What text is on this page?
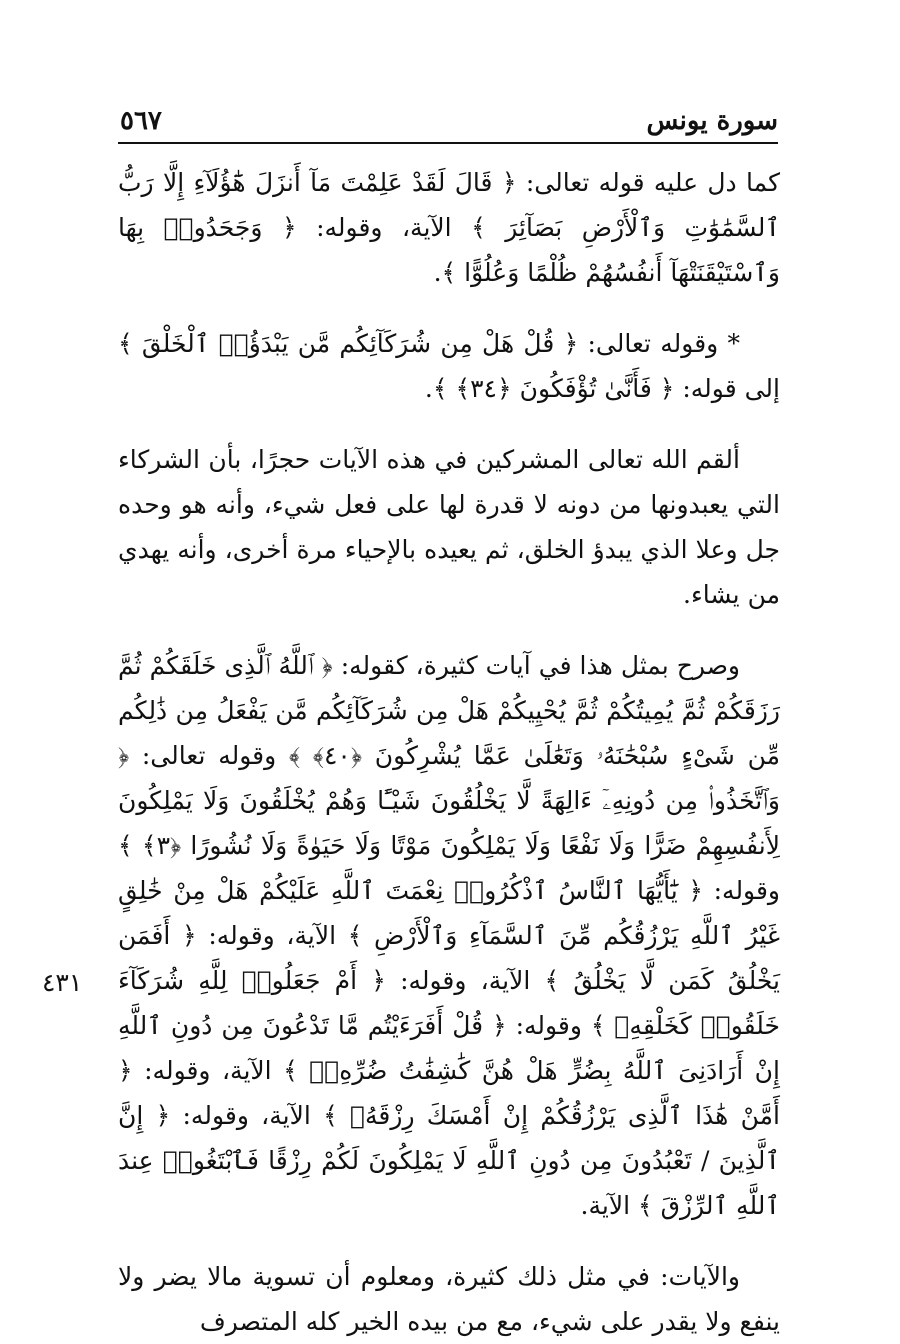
٥٦٧	سورة يونس
٤٣١

كما دل عليه قوله تعالى: ﴿ قَالَ لَقَدْ عَلِمْتَ مَآ أَنزَلَ هَٰٓؤُلَآءِ إِلَّا رَبُّ ٱلسَّمَٰوَٰتِ وَٱلْأَرْضِ بَصَآئِرَ ﴾ الآية، وقوله: ﴿ وَجَحَدُوا۟ بِهَا وَٱسْتَيْقَنَتْهَآ أَنفُسُهُمْ ظُلْمًا وَعُلُوًّا ﴾.

* وقوله تعالى: ﴿ قُلْ هَلْ مِن شُرَكَآئِكُم مَّن يَبْدَؤُا۟ ٱلْخَلْقَ ﴾ إلى قوله: ﴿ فَأَنَّىٰ تُؤْفَكُونَ ﴿٣٤﴾ ﴾.

ألقم الله تعالى المشركين في هذه الآيات حجرًا، بأن الشركاء التي يعبدونها من دونه لا قدرة لها على فعل شيء، وأنه هو وحده جل وعلا الذي يبدؤ الخلق، ثم يعيده بالإحياء مرة أخرى، وأنه يهدي من يشاء.

وصرح بمثل هذا في آيات كثيرة، كقوله: ﴿ ٱللَّهُ ٱلَّذِى خَلَقَكُمْ ثُمَّ رَزَقَكُمْ ثُمَّ يُمِيتُكُمْ ثُمَّ يُحْيِيكُمْ هَلْ مِن شُرَكَآئِكُم مَّن يَفْعَلُ مِن ذَٰلِكُم مِّن شَىْءٍ سُبْحَٰنَهُۥ وَتَعَٰلَىٰ عَمَّا يُشْرِكُونَ ﴿٤٠﴾ ﴾ وقوله تعالى: ﴿ وَٱتَّخَذُوا۟ مِن دُونِهِۦٓ ءَالِهَةً لَّا يَخْلُقُونَ شَيْـًٔا وَهُمْ يُخْلَقُونَ وَلَا يَمْلِكُونَ لِأَنفُسِهِمْ ضَرًّا وَلَا نَفْعًا وَلَا يَمْلِكُونَ مَوْتًا وَلَا حَيَوٰةً وَلَا نُشُورًا ﴿٣﴾ ﴾ وقوله: ﴿ يَٰٓأَيُّهَا ٱلنَّاسُ ٱذْكُرُوا۟ نِعْمَتَ ٱللَّهِ عَلَيْكُمْ هَلْ مِنْ خَٰلِقٍ غَيْرُ ٱللَّهِ يَرْزُقُكُم مِّنَ ٱلسَّمَآءِ وَٱلْأَرْضِ ﴾ الآية، وقوله: ﴿ أَفَمَن يَخْلُقُ كَمَن لَّا يَخْلُقُ ﴾ الآية، وقوله: ﴿ أَمْ جَعَلُوا۟ لِلَّهِ شُرَكَآءَ خَلَقُوا۟ كَخَلْقِهِۦ ﴾ وقوله: ﴿ قُلْ أَفَرَءَيْتُم مَّا تَدْعُونَ مِن دُونِ ٱللَّهِ إِنْ أَرَادَنِىَ ٱللَّهُ بِضُرٍّ هَلْ هُنَّ كَٰشِفَٰتُ ضُرِّهِۦٓ ﴾ الآية، وقوله: ﴿ أَمَّنْ هَٰذَا ٱلَّذِى يَرْزُقُكُمْ إِنْ أَمْسَكَ رِزْقَهُۥ ﴾ الآية، وقوله: ﴿ إِنَّ ٱلَّذِينَ / تَعْبُدُونَ مِن دُونِ ٱللَّهِ لَا يَمْلِكُونَ لَكُمْ رِزْقًا فَٱبْتَغُوا۟ عِندَ ٱللَّهِ ٱلرِّزْقَ ﴾ الآية.

والآيات: في مثل ذلك كثيرة، ومعلوم أن تسوية مالا يضر ولا ينفع ولا يقدر على شيء، مع من بيده الخير كله المتصرف
